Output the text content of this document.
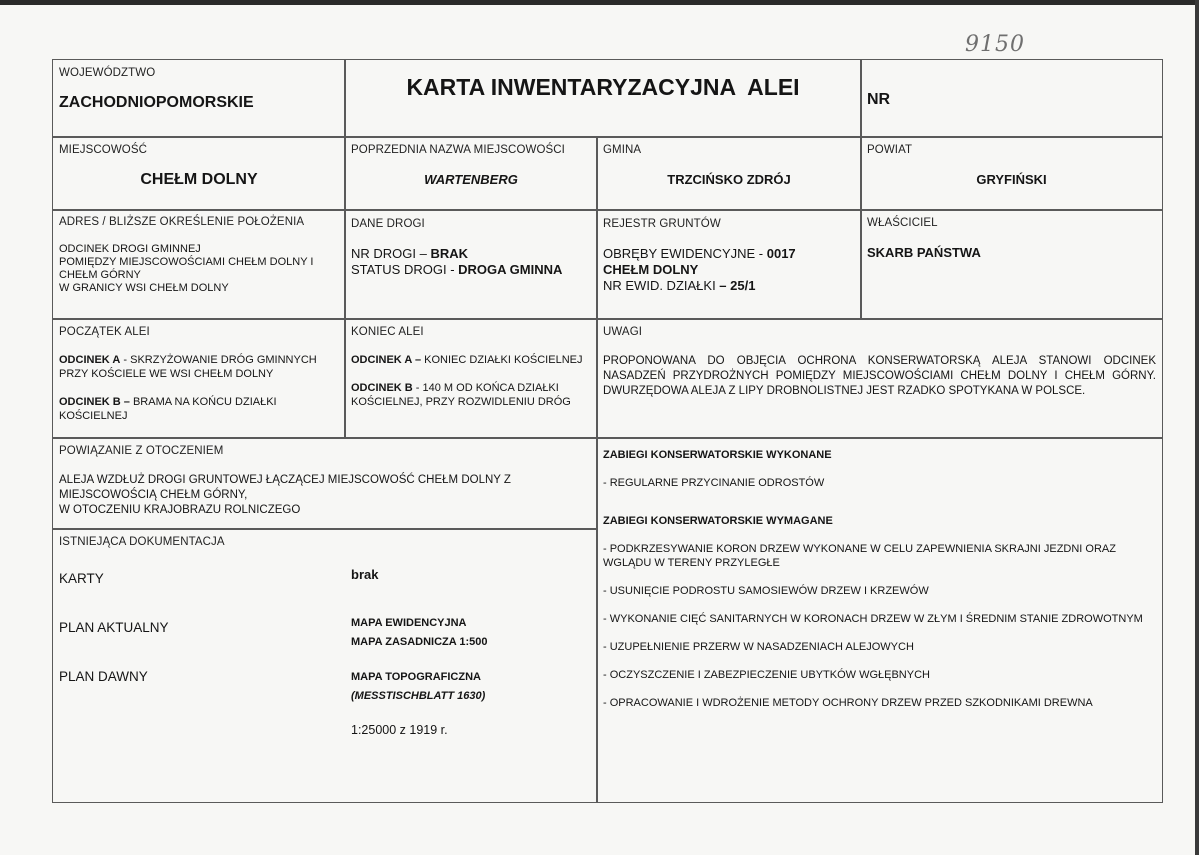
9150
WOJEWÓDZTWO
ZACHODNIOPOMORSKIE
KARTA INWENTARYZACYJNA  ALEI	NR
MIEJSCOWOŚĆ
CHEŁM DOLNY
POPRZEDNIA NAZWA MIEJSCOWOŚCI
WARTENBERG
GMINA
TRZCIŃSKO ZDRÓJ
POWIAT
GRYFIŃSKI
ADRES / BLIŻSZE OKREŚLENIE POŁOŻENIA
ODCINEK DROGI GMINNEJ
POMIĘDZY MIEJSCOWOŚCIAMI CHEŁM DOLNY I
CHEŁM GÓRNY
W GRANICY WSI CHEŁM DOLNY
DANE DROGI
NR DROGI – BRAK
STATUS DROGI - DROGA GMINNA
REJESTR GRUNTÓW
OBRĘBY EWIDENCYJNE - 0017
CHEŁM DOLNY
NR EWID. DZIAŁKI – 25/1
WŁAŚCICIEL
SKARB PAŃSTWA
POCZĄTEK ALEI
ODCINEK A - SKRZYŻOWANIE DRÓG GMINNYCH PRZY KOŚCIELE WE WSI CHEŁM DOLNY
ODCINEK B – BRAMA NA KOŃCU DZIAŁKI KOŚCIELNEJ
KONIEC ALEI
ODCINEK A – KONIEC DZIAŁKI KOŚCIELNEJ
ODCINEK B - 140 M OD KOŃCA DZIAŁKI KOŚCIELNEJ, PRZY ROZWIDLENIU DRÓG
UWAGI
PROPONOWANA DO OBJĘCIA OCHRONA KONSERWATORSKĄ ALEJA STANOWI ODCINEK NASADZEŃ PRZYDROŻNYCH POMIĘDZY MIEJSCOWOŚCIAMI CHEŁM DOLNY I CHEŁM GÓRNY. DWURZĘDOWA ALEJA Z LIPY DROBNOLISTNEJ JEST RZADKO SPOTYKANA W POLSCE.
POWIĄZANIE Z OTOCZENIEM
ALEJA WZDŁUŻ DROGI GRUNTOWEJ ŁĄCZĄCEJ MIEJSCOWOŚĆ CHEŁM DOLNY Z MIEJSCOWOŚCIĄ CHEŁM GÓRNY,
W OTOCZENIU KRAJOBRAZU ROLNICZEGO
ZABIEGI KONSERWATORSKIE WYKONANE
- REGULARNE PRZYCINANIE ODROSTÓW
ZABIEGI KONSERWATORSKIE WYMAGANE
- PODKRZESYWANIE KORON DRZEW WYKONANE W CELU ZAPEWNIENIA SKRAJNI JEZDNI ORAZ WGLĄDU W TERENY PRZYLEGŁE
- USUNIĘCIE PODROSTU SAMOSIEWÓW DRZEW I KRZEWÓW
- WYKONANIE CIĘĆ SANITARNYCH W KORONACH DRZEW W ZŁYM I ŚREDNIM STANIE ZDROWOTNYM
- UZUPEŁNIENIE PRZERW W NASADZENIACH ALEJOWYCH
- OCZYSZCZENIE I ZABEZPIECZENIE UBYTKÓW WGŁĘBNYCH
- OPRACOWANIE I WDROŻENIE METODY OCHRONY DRZEW PRZED SZKODNIKAMI DREWNA
ISTNIEJĄCA DOKUMENTACJA
KARTY	brak
PLAN AKTUALNY	MAPA EWIDENCYJNA
MAPA ZASADNICZA 1:500
PLAN DAWNY	MAPA TOPOGRAFICZNA
(MESSTISCHBLATT 1630)
1:25000 z 1919 r.
